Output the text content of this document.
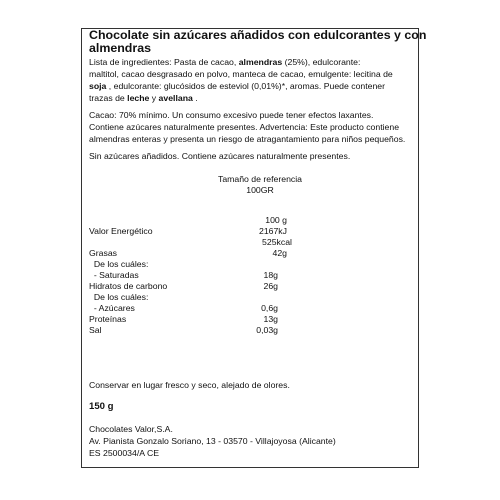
Chocolate sin azúcares añadidos con edulcorantes y con
almendras
Lista de ingredientes: Pasta de cacao, almendras (25%), edulcorante:
maltitol, cacao desgrasado en polvo, manteca de cacao, emulgente: lecitina de
soja , edulcorante: glucósidos de esteviol (0,01%)*, aromas. Puede contener
trazas de leche y avellana .
Cacao: 70% mínimo. Un consumo excesivo puede tener efectos laxantes.
Contiene azúcares naturalmente presentes. Advertencia: Este producto contiene
almendras enteras y presenta un riesgo de atragantamiento para niños pequeños.
Sin azúcares añadidos. Contiene azúcares naturalmente presentes.
Tamaño de referencia
100GR
100 g
Valor Energético	2167kJ
525kcal
Grasas	42g
De los cuáles:
- Saturadas	18g
Hidratos de carbono	26g
De los cuáles:
- Azúcares	0,6g
Proteínas	13g
Sal	0,03g
Conservar en lugar fresco y seco, alejado de olores.
150 g
Chocolates Valor,S.A.
Av. Pianista Gonzalo Soriano, 13 - 03570 - Villajoyosa (Alicante)
ES 2500034/A CE
